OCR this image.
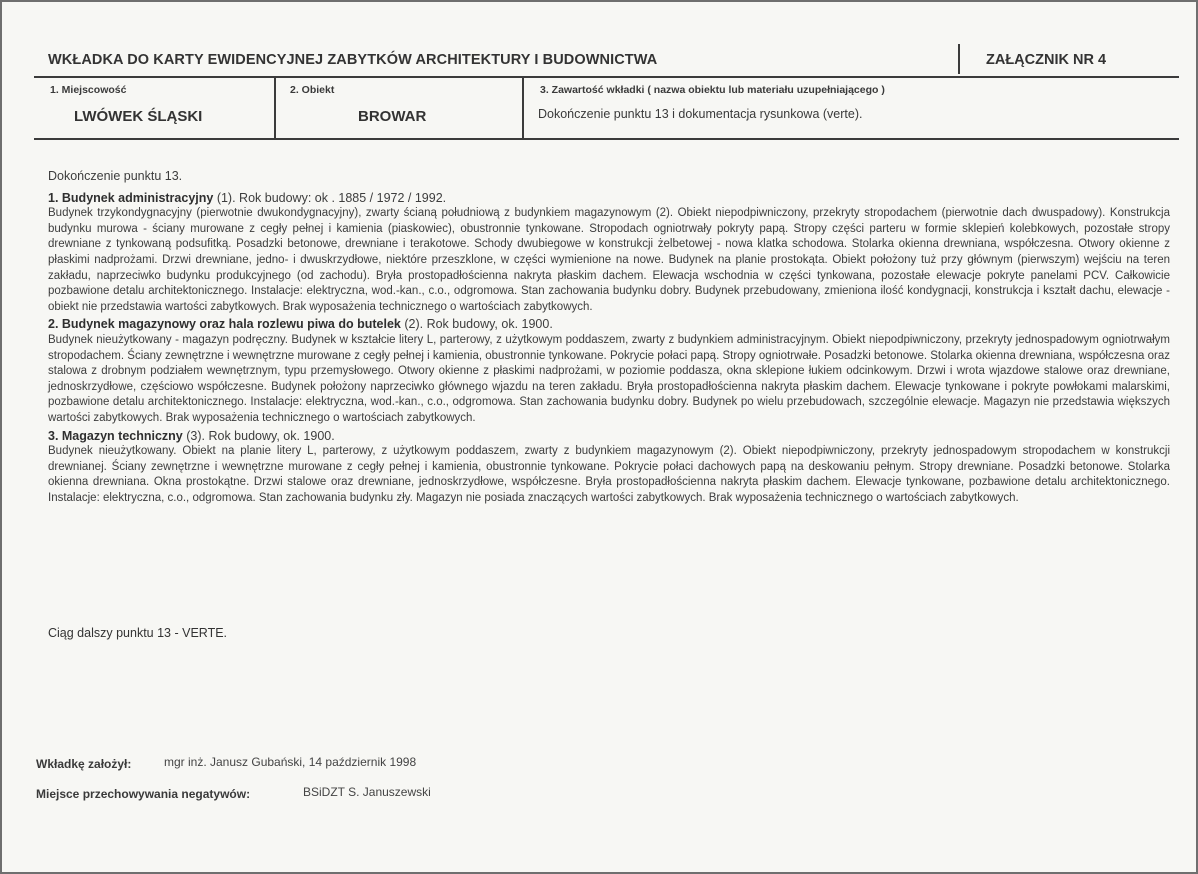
WKŁADKA DO KARTY EWIDENCYJNEJ ZABYTKÓW ARCHITEKTURY I BUDOWNICTWA	ZAŁĄCZNIK NR 4
1. Miejscowość
LWÓWEK ŚLĄSKI
2. Obiekt
BROWAR
3. Zawartość wkładki ( nazwa obiektu lub materiału uzupełniającego )
Dokończenie punktu 13 i dokumentacja rysunkowa (verte).

Dokończenie punktu 13.

1. Budynek administracyjny (1). Rok budowy: ok . 1885 / 1972 / 1992.

Budynek trzykondygnacyjny (pierwotnie dwukondygnacyjny), zwarty ścianą południową z budynkiem magazynowym (2). Obiekt niepodpiwniczony, przekryty stropodachem (pierwotnie dach dwuspadowy). Konstrukcja budynku murowa - ściany murowane z cegły pełnej i kamienia (piaskowiec), obustronnie tynkowane. Stropodach ogniotrwały pokryty papą. Stropy części parteru w formie sklepień kolebkowych, pozostałe stropy drewniane z tynkowaną podsufitką. Posadzki betonowe, drewniane i terakotowe. Schody dwubiegowe w konstrukcji żelbetowej - nowa klatka schodowa. Stolarka okienna drewniana, współczesna. Otwory okienne z płaskimi nadprożami. Drzwi drewniane, jedno- i dwuskrzydłowe, niektóre przeszklone, w części wymienione na nowe. Budynek na planie prostokąta. Obiekt położony tuż przy głównym (pierwszym) wejściu na teren zakładu, naprzeciwko budynku produkcyjnego (od zachodu). Bryła prostopadłościenna nakryta płaskim dachem. Elewacja wschodnia w części tynkowana, pozostałe elewacje pokryte panelami PCV. Całkowicie pozbawione detalu architektonicznego. Instalacje: elektryczna, wod.-kan., c.o., odgromowa. Stan zachowania budynku dobry. Budynek przebudowany, zmieniona ilość kondygnacji, konstrukcja i kształt dachu, elewacje - obiekt nie przedstawia wartości zabytkowych. Brak wyposażenia technicznego o wartościach zabytkowych.

2. Budynek magazynowy oraz hala rozlewu piwa do butelek (2). Rok budowy, ok. 1900.

Budynek nieużytkowany - magazyn podręczny. Budynek w kształcie litery L, parterowy, z użytkowym poddaszem, zwarty z budynkiem administracyjnym. Obiekt niepodpiwniczony, przekryty jednospadowym ogniotrwałym stropodachem. Ściany zewnętrzne i wewnętrzne murowane z cegły pełnej i kamienia, obustronnie tynkowane. Pokrycie połaci papą. Stropy ogniotrwałe. Posadzki betonowe. Stolarka okienna drewniana, współczesna oraz stalowa z drobnym podziałem wewnętrznym, typu przemysłowego. Otwory okienne z płaskimi nadprożami, w poziomie poddasza, okna sklepione łukiem odcinkowym. Drzwi i wrota wjazdowe stalowe oraz drewniane, jednoskrzydłowe, częściowo współczesne. Budynek położony naprzeciwko głównego wjazdu na teren zakładu. Bryła prostopadłościenna nakryta płaskim dachem. Elewacje tynkowane i pokryte powłokami malarskimi, pozbawione detalu architektonicznego. Instalacje: elektryczna, wod.-kan., c.o., odgromowa. Stan zachowania budynku dobry. Budynek po wielu przebudowach, szczególnie elewacje. Magazyn nie przedstawia większych wartości zabytkowych. Brak wyposażenia technicznego o wartościach zabytkowych.

3. Magazyn techniczny (3). Rok budowy, ok. 1900.

Budynek nieużytkowany. Obiekt na planie litery L, parterowy, z użytkowym poddaszem, zwarty z budynkiem magazynowym (2). Obiekt niepodpiwniczony, przekryty jednospadowym stropodachem w konstrukcji drewnianej. Ściany zewnętrzne i wewnętrzne murowane z cegły pełnej i kamienia, obustronnie tynkowane. Pokrycie połaci dachowych papą na deskowaniu pełnym. Stropy drewniane. Posadzki betonowe. Stolarka okienna drewniana. Okna prostokątne. Drzwi stalowe oraz drewniane, jednoskrzydłowe, współczesne. Bryła prostopadłościenna nakryta płaskim dachem. Elewacje tynkowane, pozbawione detalu architektonicznego. Instalacje: elektryczna, c.o., odgromowa. Stan zachowania budynku zły. Magazyn nie posiada znaczących wartości zabytkowych. Brak wyposażenia technicznego o wartościach zabytkowych.

Ciąg dalszy punktu 13 - VERTE.
Wkładkę założył:	mgr inż. Janusz Gubański, 14 październik 1998
Miejsce przechowywania negatywów:	BSiDZT S. Januszewski
